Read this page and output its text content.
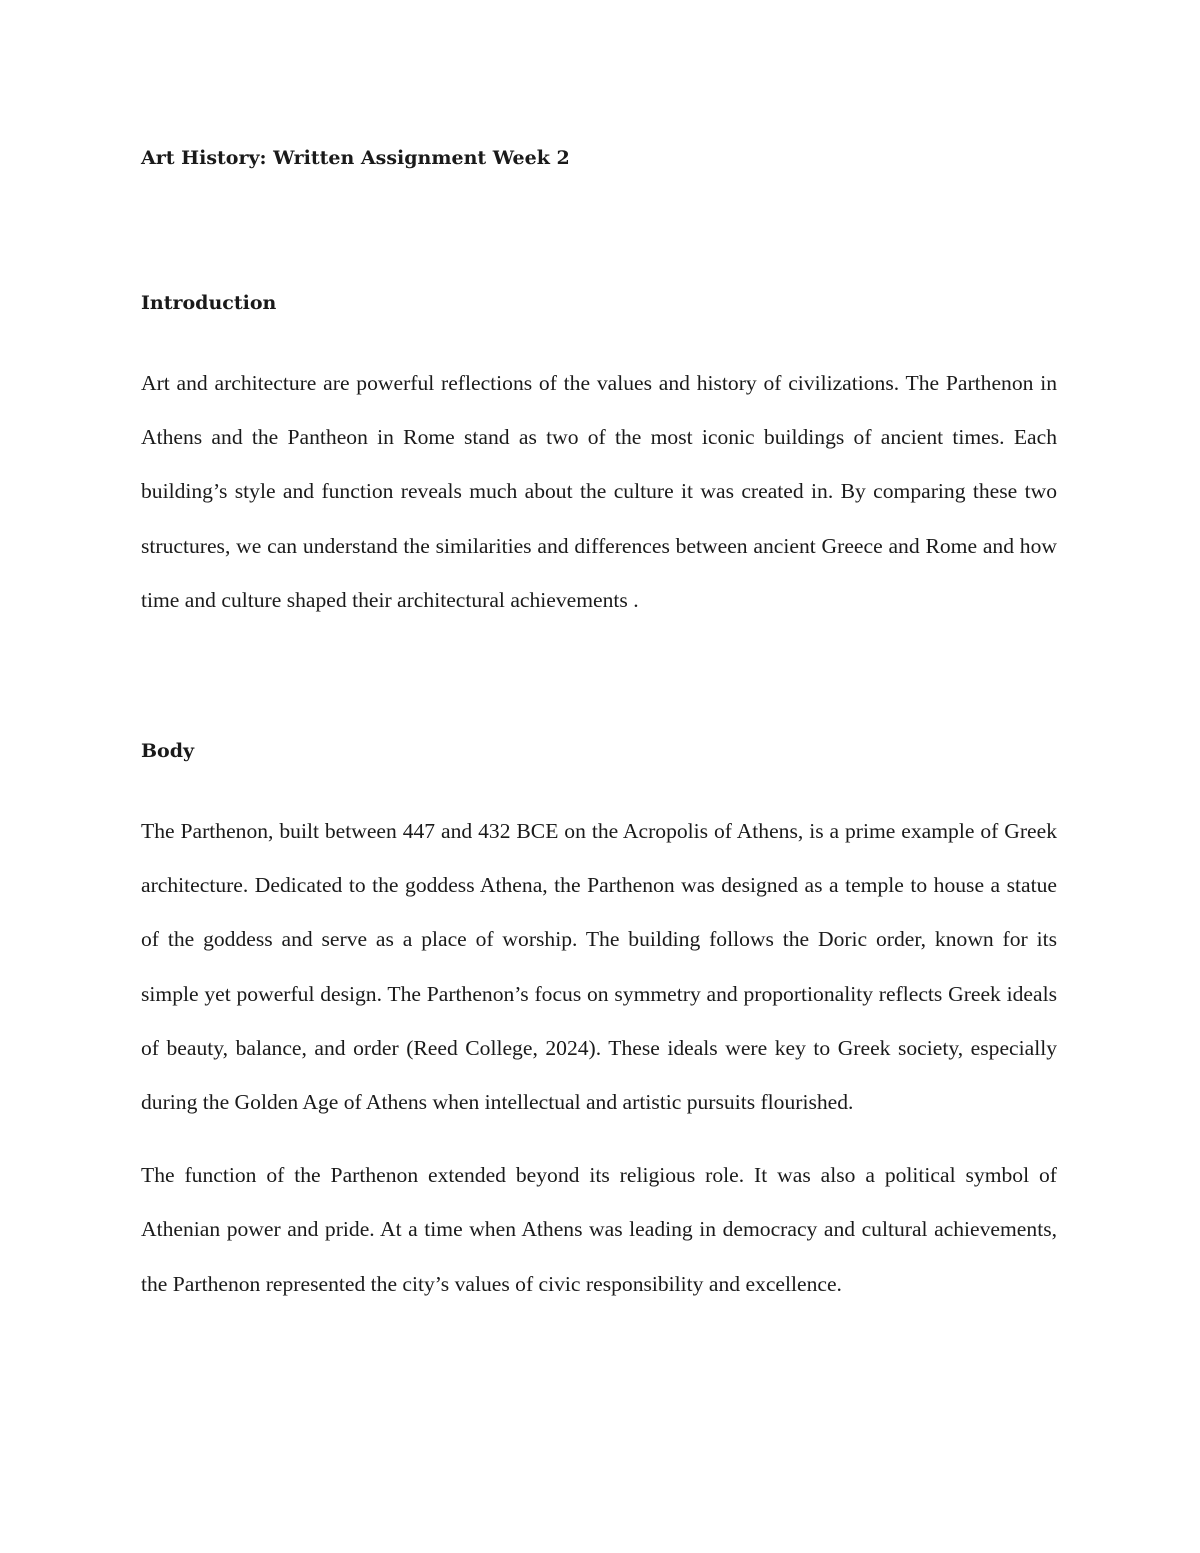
Art History: Written Assignment Week 2
Introduction

Art and architecture are powerful reflections of the values and history of civilizations. The Parthenon in Athens and the Pantheon in Rome stand as two of the most iconic buildings of ancient times. Each building’s style and function reveals much about the culture it was created in. By comparing these two structures, we can understand the similarities and differences between ancient Greece and Rome and how time and culture shaped their architectural achievements .

Body

The Parthenon, built between 447 and 432 BCE on the Acropolis of Athens, is a prime example of Greek architecture. Dedicated to the goddess Athena, the Parthenon was designed as a temple to house a statue of the goddess and serve as a place of worship. The building follows the Doric order, known for its simple yet powerful design. The Parthenon’s focus on symmetry and proportionality reflects Greek ideals of beauty, balance, and order (Reed College, 2024). These ideals were key to Greek society, especially during the Golden Age of Athens when intellectual and artistic pursuits flourished.

The function of the Parthenon extended beyond its religious role. It was also a political symbol of Athenian power and pride. At a time when Athens was leading in democracy and cultural achievements, the Parthenon represented the city’s values of civic responsibility and excellence.
